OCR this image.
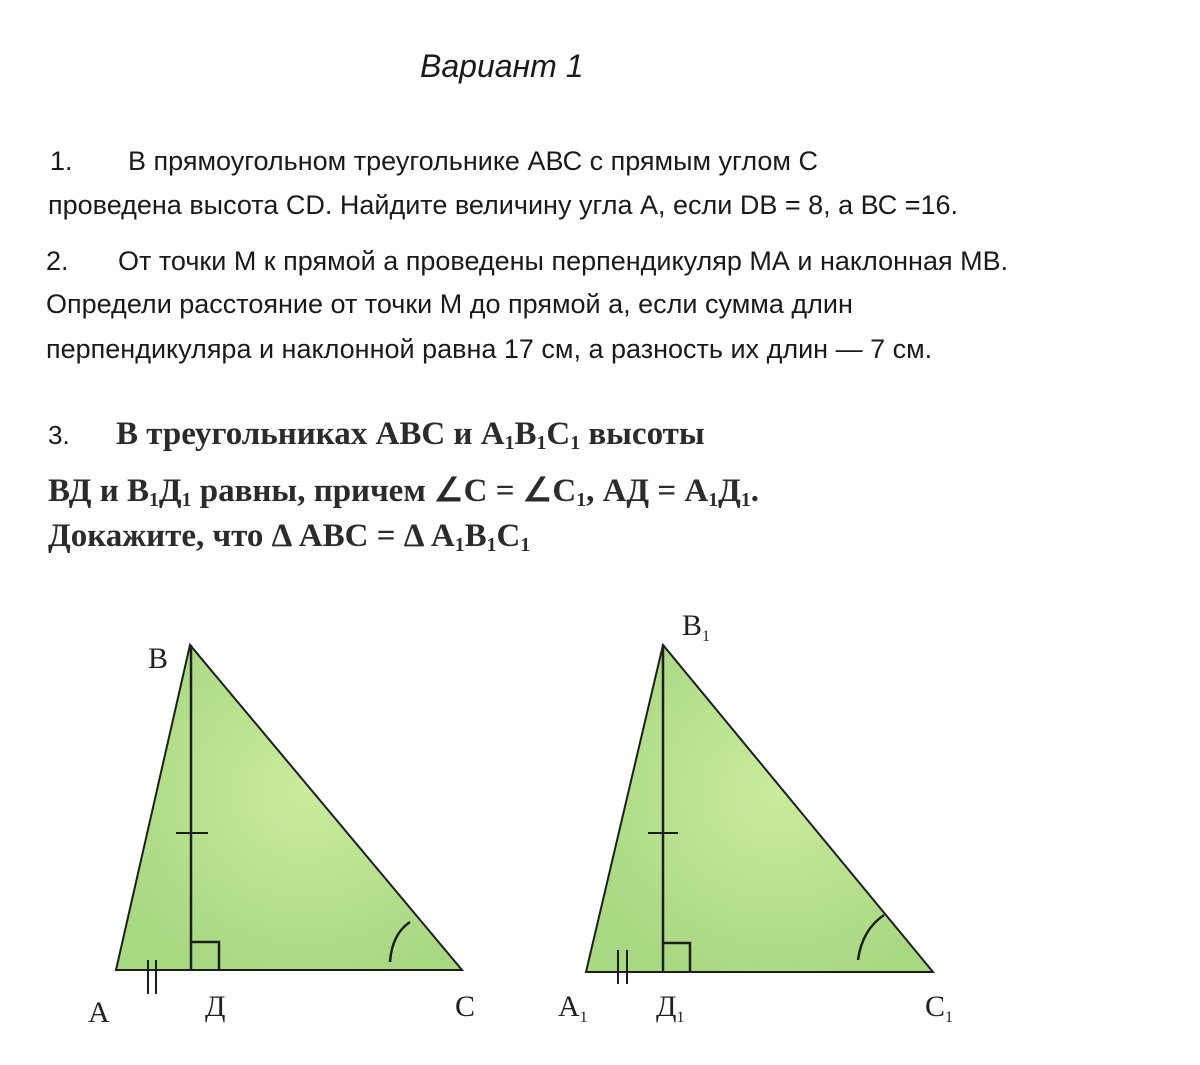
Вариант 1

1. В прямоугольном треугольнике АВС с прямым углом С

проведена высота CD. Найдите величину угла А, если DB = 8, а ВС =16.

2. От точки М к прямой а проведены перпендикуляр МА и наклонная МВ.

Определи расстояние от точки М до прямой а, если сумма длин

перпендикуляра и наклонной равна 17 см, а разность их длин — 7 см.

3. В треугольниках АВС и $А_1В_1С_1$ высоты

ВД и $В_1Д_1$ равны, причем ∠С = $\angle С_1$, АД = $А_1Д_1$.

Докажите, что Δ АВС = Δ $А_1В_1С_1$

В
А	Д	С
$В_1$
$А_1$ $Д_1$	$С_1$
